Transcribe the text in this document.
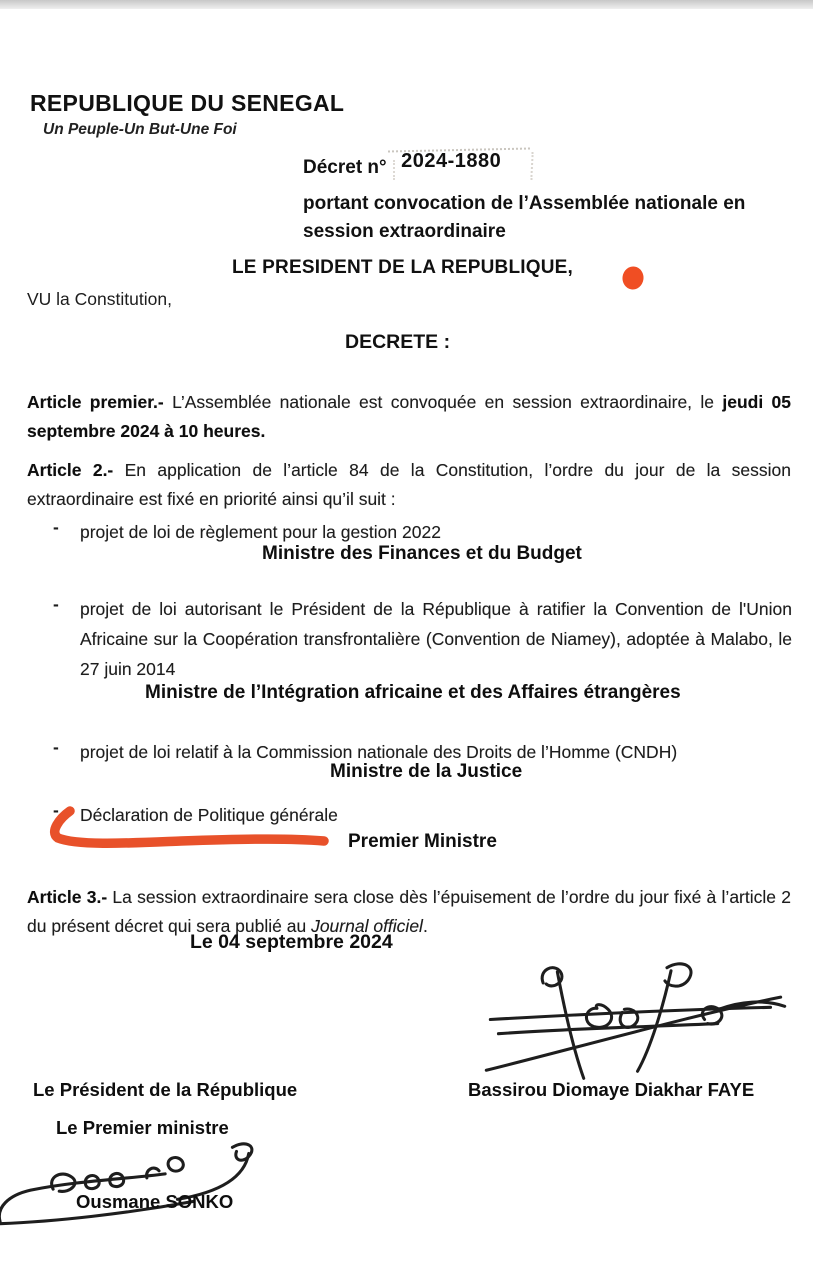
REPUBLIQUE DU SENEGAL
Un Peuple-Un But-Une Foi
Décret n° 2024-1880
portant convocation de l’Assemblée nationale en
session extraordinaire
LE PRESIDENT DE LA REPUBLIQUE,
VU la Constitution,
DECRETE :

Article premier.- L’Assemblée nationale est convoquée en session extraordinaire, le jeudi 05 septembre 2024 à 10 heures.

Article 2.- En application de l’article 84 de la Constitution, l’ordre du jour de la session extraordinaire est fixé en priorité ainsi qu’il suit :

-	projet de loi de règlement pour la gestion 2022
Ministre des Finances et du Budget
-	projet de loi autorisant le Président de la République à ratifier la Convention de l'Union Africaine sur la Coopération transfrontalière (Convention de Niamey), adoptée à Malabo, le 27 juin 2014
Ministre de l’Intégration africaine et des Affaires étrangères
-	projet de loi relatif à la Commission nationale des Droits de l’Homme (CNDH)
Ministre de la Justice
-	Déclaration de Politique générale
Premier Ministre

Article 3.- La session extraordinaire sera close dès l’épuisement de l’ordre du jour fixé à l’article 2 du présent décret qui sera publié au Journal officiel.

Le 04 septembre 2024
Le Président de la République	Bassirou Diomaye Diakhar FAYE
Le Premier ministre
Ousmane SONKO
